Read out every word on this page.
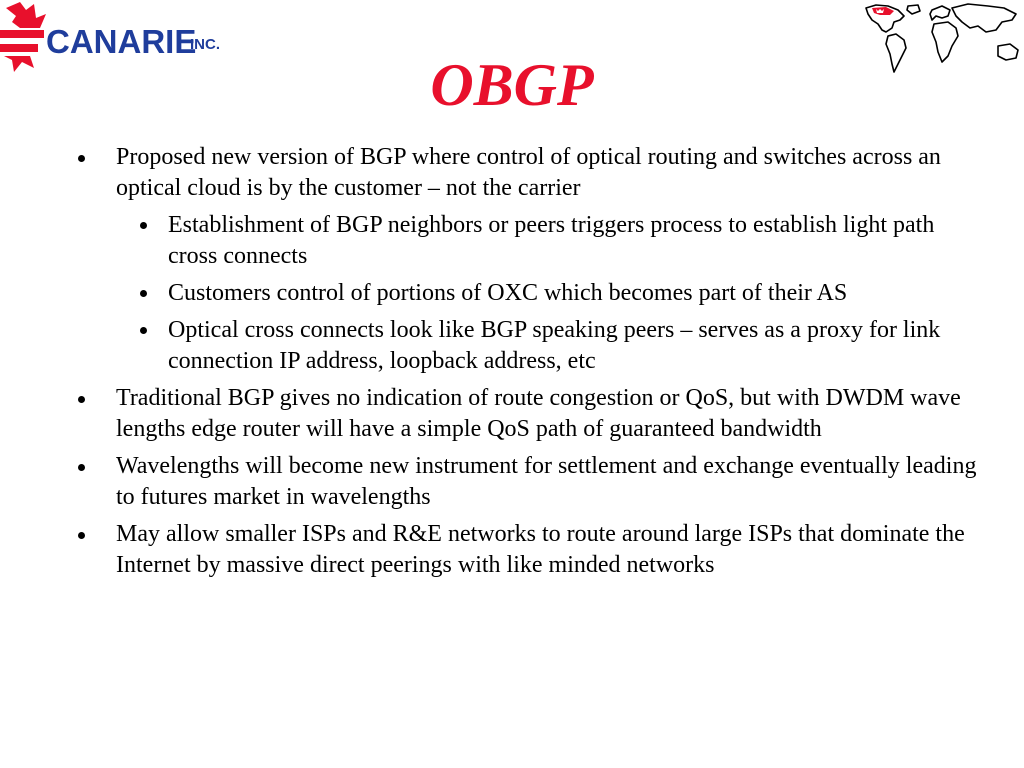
CANARIE
INC.
OBGP
Proposed new version of BGP where control of optical routing and switches across an optical cloud is by the customer – not the carrier
Establishment of BGP neighbors or peers triggers process to establish light path cross connects
Customers control of portions of OXC which becomes part of their AS
Optical cross connects look like BGP speaking peers – serves as a proxy for link connection IP address, loopback address, etc
Traditional BGP gives no indication of route congestion or QoS, but with DWDM wave lengths edge router will have a simple QoS path of guaranteed bandwidth
Wavelengths will become new instrument for settlement and exchange eventually leading to futures market in wavelengths
May allow smaller ISPs and R&E networks to route around large ISPs that dominate the Internet by massive direct peerings with like minded networks
